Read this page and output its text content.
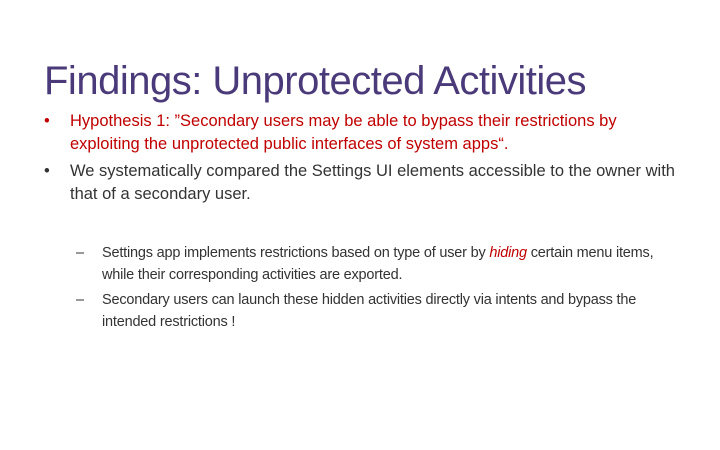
Findings: Unprotected Activities
•	Hypothesis 1: ”Secondary users may be able to bypass their restrictions by exploiting the unprotected public interfaces of system apps“.
•	We systematically compared the Settings UI elements accessible to the owner with that of a secondary user.
–	Settings app implements restrictions based on type of user by hiding certain menu items, while their corresponding activities are exported.
–	Secondary users can launch these hidden activities directly via intents and bypass the intended restrictions !
